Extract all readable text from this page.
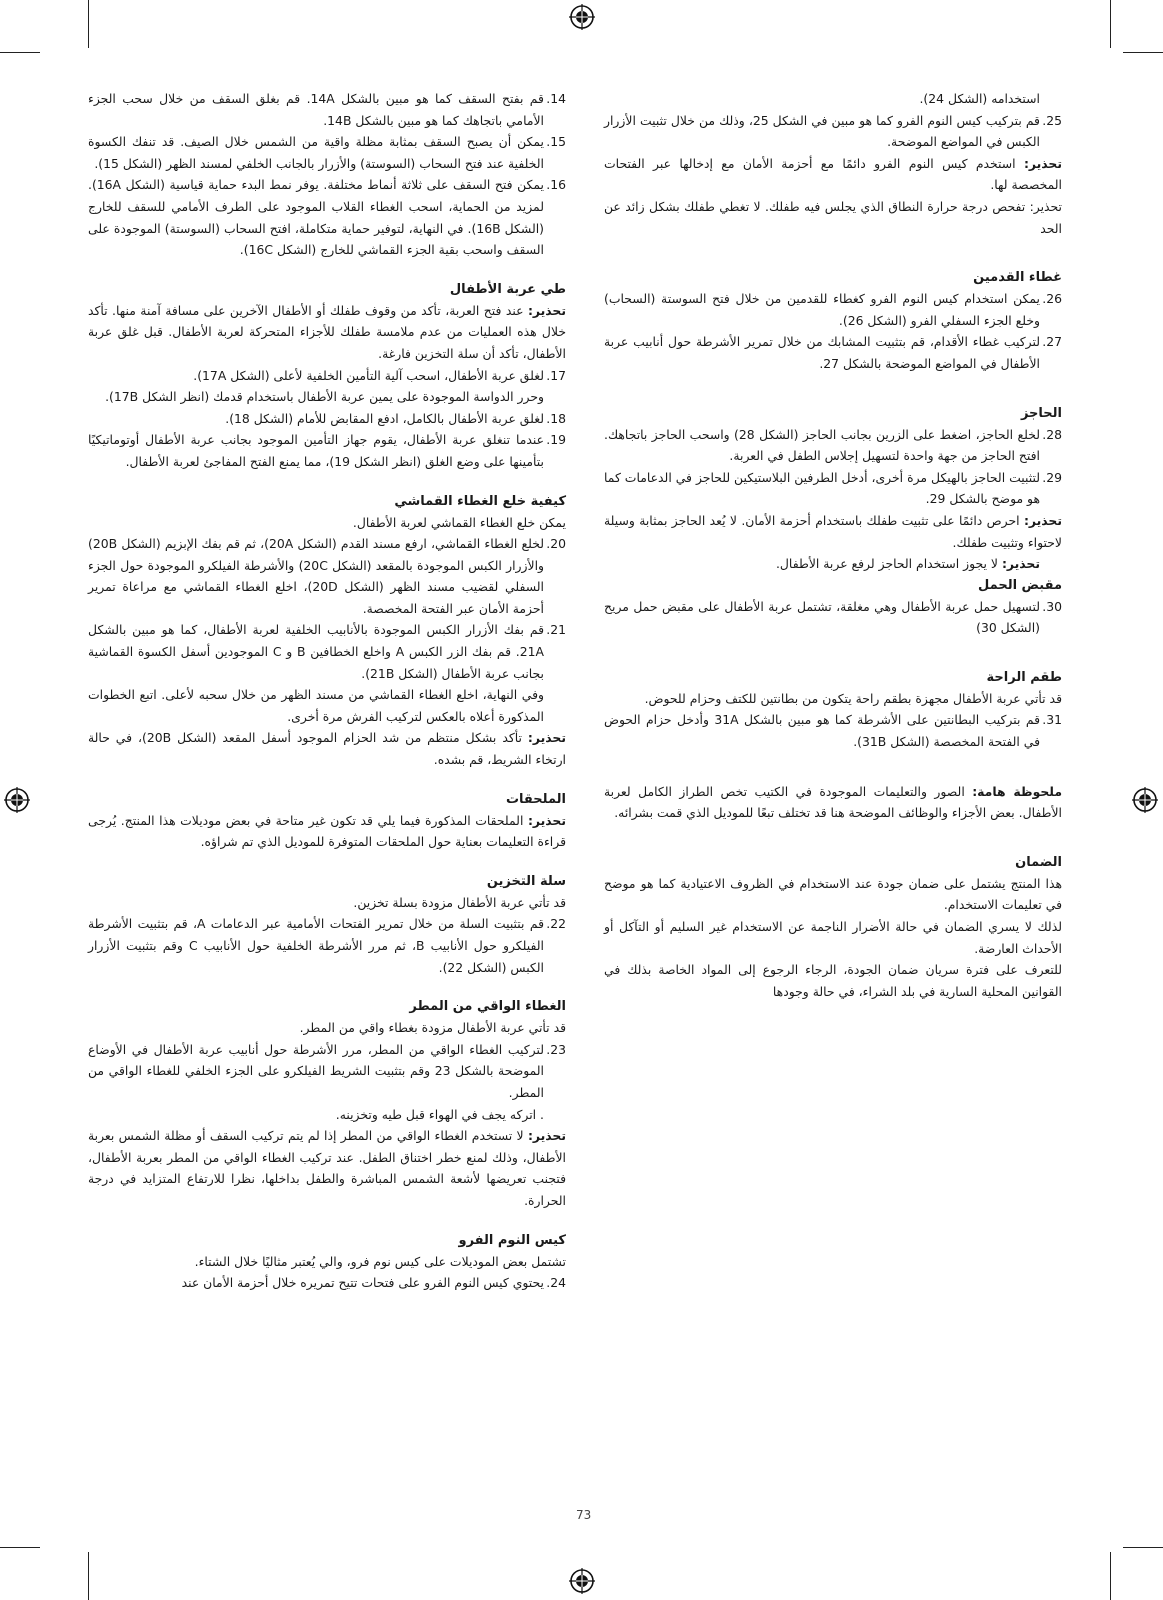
استخدامه (الشكل 24).

25.
قم بتركيب كيس النوم الفرو كما هو مبين في الشكل 25، وذلك من خلال تثبيت الأزرار الكبس في المواضع الموضحة.

تحذير: استخدم كيس النوم الفرو دائمًا مع أحزمة الأمان مع إدخالها عبر الفتحات المخصصة لها.

تحذير: تفحص درجة حرارة النطاق الذي يجلس فيه طفلك. لا تغطي طفلك بشكل زائد عن الحد

غطاء القدمين
26.
يمكن استخدام كيس النوم الفرو كغطاء للقدمين من خلال فتح السوستة (السحاب) وخلع الجزء السفلي الفرو (الشكل 26).
27.
لتركيب غطاء الأقدام، قم بتثبيت المشابك من خلال تمرير الأشرطة حول أنابيب عربة الأطفال في المواضع الموضحة بالشكل 27.
الحاجز
28.
لخلع الحاجز، اضغط على الزرين بجانب الحاجز (الشكل 28) واسحب الحاجز باتجاهك. افتح الحاجز من جهة واحدة لتسهيل إجلاس الطفل في العربة.
29.
لتثبيت الحاجز بالهيكل مرة أخرى، أدخل الطرفين البلاستيكين للحاجز في الدعامات كما هو موضح بالشكل 29.

تحذير: احرص دائمًا على تثبيت طفلك باستخدام أحزمة الأمان. لا يُعد الحاجز بمثابة وسيلة لاحتواء وتثبيت طفلك.

تحذير: لا يجوز استخدام الحاجز لرفع عربة الأطفال.

مقبض الحمل
30.
لتسهيل حمل عربة الأطفال وهي مغلقة، تشتمل عربة الأطفال على مقبض حمل مريح (الشكل 30)
طقم الراحة

قد تأتي عربة الأطفال مجهزة بطقم راحة يتكون من بطانتين للكتف وحزام للحوض.

31.
قم بتركيب البطانتين على الأشرطة كما هو مبين بالشكل 31A وأدخل حزام الحوض في الفتحة المخصصة (الشكل 31B).

ملحوظة هامة: الصور والتعليمات الموجودة في الكتيب تخص الطراز الكامل لعربة الأطفال. بعض الأجزاء والوظائف الموضحة هنا قد تختلف تبعًا للموديل الذي قمت بشرائه.

الضمان

هذا المنتج يشتمل على ضمان جودة عند الاستخدام في الظروف الاعتيادية كما هو موضح في تعليمات الاستخدام.

لذلك لا يسري الضمان في حالة الأضرار الناجمة عن الاستخدام غير السليم أو التآكل أو الأحداث العارضة.

للتعرف على فترة سريان ضمان الجودة، الرجاء الرجوع إلى المواد الخاصة بذلك في القوانين المحلية السارية في بلد الشراء، في حالة وجودها

14.
قم بفتح السقف كما هو مبين بالشكل 14A. قم بغلق السقف من خلال سحب الجزء الأمامي باتجاهك كما هو مبين بالشكل 14B.
15.
يمكن أن يصبح السقف بمثابة مظلة واقية من الشمس خلال الصيف. قد تنفك الكسوة الخلفية عند فتح السحاب (السوستة) والأزرار بالجانب الخلفي لمسند الظهر (الشكل 15).
16.
يمكن فتح السقف على ثلاثة أنماط مختلفة. يوفر نمط البدء حماية قياسية (الشكل 16A). لمزيد من الحماية، اسحب الغطاء القلاب الموجود على الطرف الأمامي للسقف للخارج (الشكل 16B). في النهاية، لتوفير حماية متكاملة، افتح السحاب (السوستة) الموجودة على السقف واسحب بقية الجزء القماشي للخارج (الشكل 16C).
طي عربة الأطفال

تحذير: عند فتح العربة، تأكد من وقوف طفلك أو الأطفال الآخرين على مسافة آمنة منها. تأكد خلال هذه العمليات من عدم ملامسة طفلك للأجزاء المتحركة لعربة الأطفال. قبل غلق عربة الأطفال، تأكد أن سلة التخزين فارغة.

17.
لغلق عربة الأطفال، اسحب آلية التأمين الخلفية لأعلى (الشكل 17A).

وحرر الدواسة الموجودة على يمين عربة الأطفال باستخدام قدمك (انظر الشكل 17B).

18.
لغلق عربة الأطفال بالكامل، ادفع المقابض للأمام (الشكل 18).
19.
عندما تنغلق عربة الأطفال، يقوم جهاز التأمين الموجود بجانب عربة الأطفال أوتوماتيكيًا بتأمينها على وضع الغلق (انظر الشكل 19)، مما يمنع الفتح المفاجئ لعربة الأطفال.
كيفية خلع الغطاء القماشي

يمكن خلع الغطاء القماشي لعربة الأطفال.

20.
لخلع الغطاء القماشي، ارفع مسند القدم (الشكل 20A)، ثم قم بفك الإبزيم (الشكل 20B) والأزرار الكبس الموجودة بالمقعد (الشكل 20C) والأشرطة الفيلكرو الموجودة حول الجزء السفلي لقضيب مسند الظهر (الشكل 20D)، اخلع الغطاء القماشي مع مراعاة تمرير أحزمة الأمان عبر الفتحة المخصصة.
21.
قم بفك الأزرار الكبس الموجودة بالأنابيب الخلفية لعربة الأطفال، كما هو مبين بالشكل 21A. قم بفك الزر الكبس A واخلع الخطافين B و C الموجودين أسفل الكسوة القماشية بجانب عربة الأطفال (الشكل 21B).

وفي النهاية، اخلع الغطاء القماشي من مسند الظهر من خلال سحبه لأعلى. اتبع الخطوات المذكورة أعلاه بالعكس لتركيب الفرش مرة أخرى.

تحذير: تأكد بشكل منتظم من شد الحزام الموجود أسفل المقعد (الشكل 20B)، في حالة ارتخاء الشريط، قم بشده.

الملحقات

تحذير: الملحقات المذكورة فيما يلي قد تكون غير متاحة في بعض موديلات هذا المنتج. يُرجى قراءة التعليمات بعناية حول الملحقات المتوفرة للموديل الذي تم شراؤه.

سلة التخزين

قد تأتي عربة الأطفال مزودة بسلة تخزين.

22.
قم بتثبيت السلة من خلال تمرير الفتحات الأمامية عبر الدعامات A، قم بتثبيت الأشرطة الفيلكرو حول الأنابيب B، ثم مرر الأشرطة الخلفية حول الأنابيب C وقم بتثبيت الأزرار الكبس (الشكل 22).
الغطاء الواقي من المطر

قد تأتي عربة الأطفال مزودة بغطاء واقي من المطر.

23.
لتركيب الغطاء الواقي من المطر، مرر الأشرطة حول أنابيب عربة الأطفال في الأوضاع الموضحة بالشكل 23 وقم بتثبيت الشريط الفيلكرو على الجزء الخلفي للغطاء الواقي من المطر.

. اتركه يجف في الهواء قبل طيه وتخزينه.

تحذير: لا تستخدم الغطاء الواقي من المطر إذا لم يتم تركيب السقف أو مظلة الشمس بعربة الأطفال، وذلك لمنع خطر اختناق الطفل. عند تركيب الغطاء الواقي من المطر بعربة الأطفال، فتجنب تعريضها لأشعة الشمس المباشرة والطفل بداخلها، نظرا للارتفاع المتزايد في درجة الحرارة.

كيس النوم الفرو

تشتمل بعض الموديلات على كيس نوم فرو، والي يُعتبر مثاليًا خلال الشتاء.

24.
يحتوي كيس النوم الفرو على فتحات تتيح تمريره خلال أحزمة الأمان عند
73
